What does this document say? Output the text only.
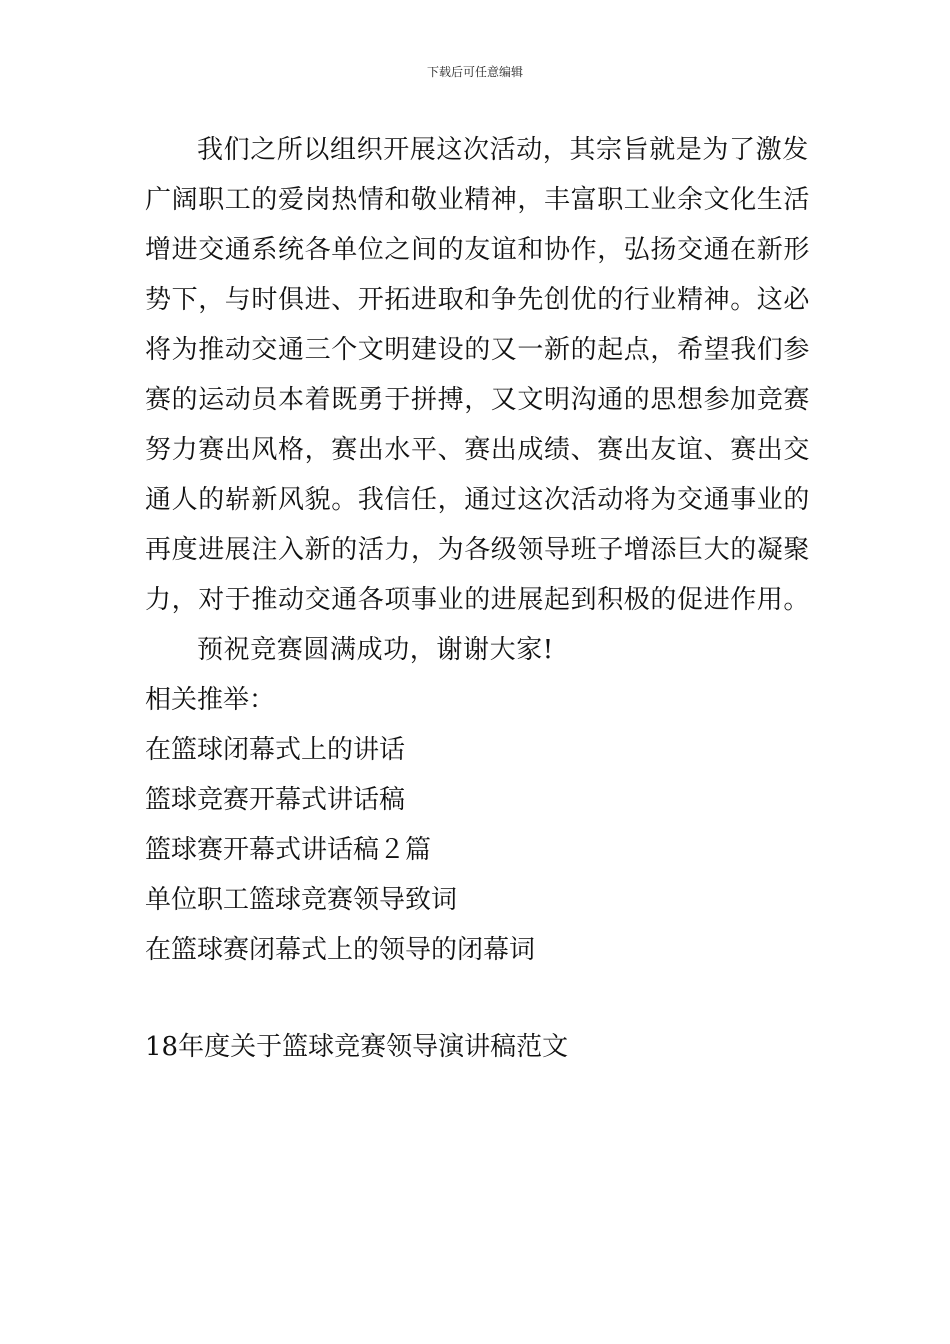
下载后可任意编辑
我们之所以组织开展这次活动，其宗旨就是为了激发
广阔职工的爱岗热情和敬业精神，丰富职工业余文化生活
增进交通系统各单位之间的友谊和协作，弘扬交通在新形
势下，与时俱进、开拓进取和争先创优的行业精神。这必
将为推动交通三个文明建设的又一新的起点，希望我们参
赛的运动员本着既勇于拼搏，又文明沟通的思想参加竞赛
努力赛出风格，赛出水平、赛出成绩、赛出友谊、赛出交
通人的崭新风貌。我信任，通过这次活动将为交通事业的
再度进展注入新的活力，为各级领导班子增添巨大的凝聚
力，对于推动交通各项事业的进展起到积极的促进作用。
预祝竞赛圆满成功，谢谢大家!
相关推举：
在篮球闭幕式上的讲话
篮球竞赛开幕式讲话稿
篮球赛开幕式讲话稿２篇
单位职工篮球竞赛领导致词
在篮球赛闭幕式上的领导的闭幕词
18年度关于篮球竞赛领导演讲稿范文
